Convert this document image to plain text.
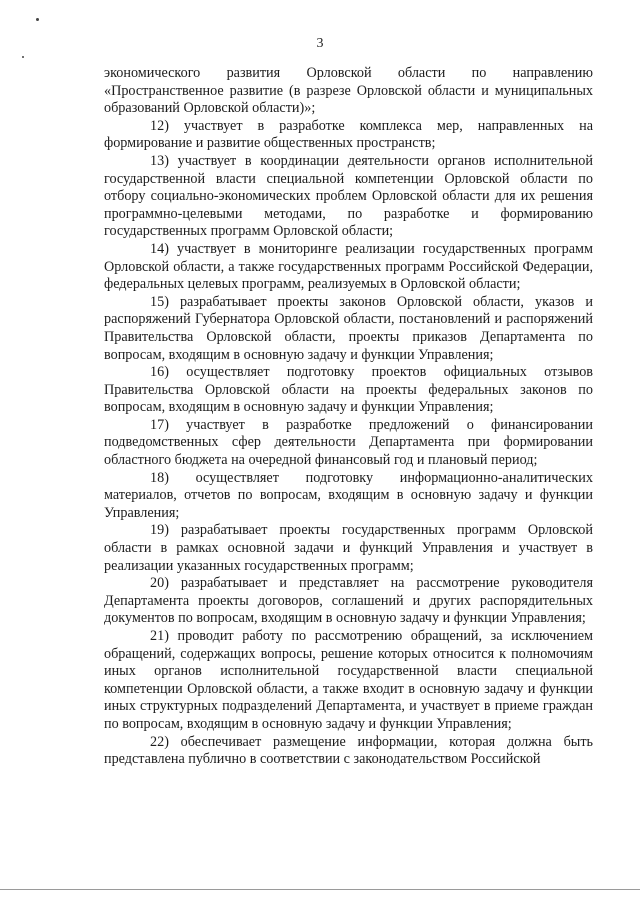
3

экономического развития Орловской области по направлению «Пространственное развитие (в разрезе Орловской области и муниципальных образований Орловской области)»;

12) участвует в разработке комплекса мер, направленных на формирование и развитие общественных пространств;

13) участвует в координации деятельности органов исполнительной государственной власти специальной компетенции Орловской области по отбору социально-экономических проблем Орловской области для их решения программно-целевыми методами, по разработке и формированию государственных программ Орловской области;

14) участвует в мониторинге реализации государственных программ Орловской области, а также государственных программ Российской Федерации, федеральных целевых программ, реализуемых в Орловской области;

15) разрабатывает проекты законов Орловской области, указов и распоряжений Губернатора Орловской области, постановлений и распоряжений Правительства Орловской области, проекты приказов Департамента по вопросам, входящим в основную задачу и функции Управления;

16) осуществляет подготовку проектов официальных отзывов Правительства Орловской области на проекты федеральных законов по вопросам, входящим в основную задачу и функции Управления;

17) участвует в разработке предложений о финансировании подведомственных сфер деятельности Департамента при формировании областного бюджета на очередной финансовый год и плановый период;

18) осуществляет подготовку информационно-аналитических материалов, отчетов по вопросам, входящим в основную задачу и функции Управления;

19) разрабатывает проекты государственных программ Орловской области в рамках основной задачи и функций Управления и участвует в реализации указанных государственных программ;

20) разрабатывает и представляет на рассмотрение руководителя Департамента проекты договоров, соглашений и других распорядительных документов по вопросам, входящим в основную задачу и функции Управления;

21) проводит работу по рассмотрению обращений, за исключением обращений, содержащих вопросы, решение которых относится к полномочиям иных органов исполнительной государственной власти специальной компетенции Орловской области, а также входит в основную задачу и функции иных структурных подразделений Департамента, и участвует в приеме граждан по вопросам, входящим в основную задачу и функции Управления;

22) обеспечивает размещение информации, которая должна быть представлена публично в соответствии с законодательством Российской
